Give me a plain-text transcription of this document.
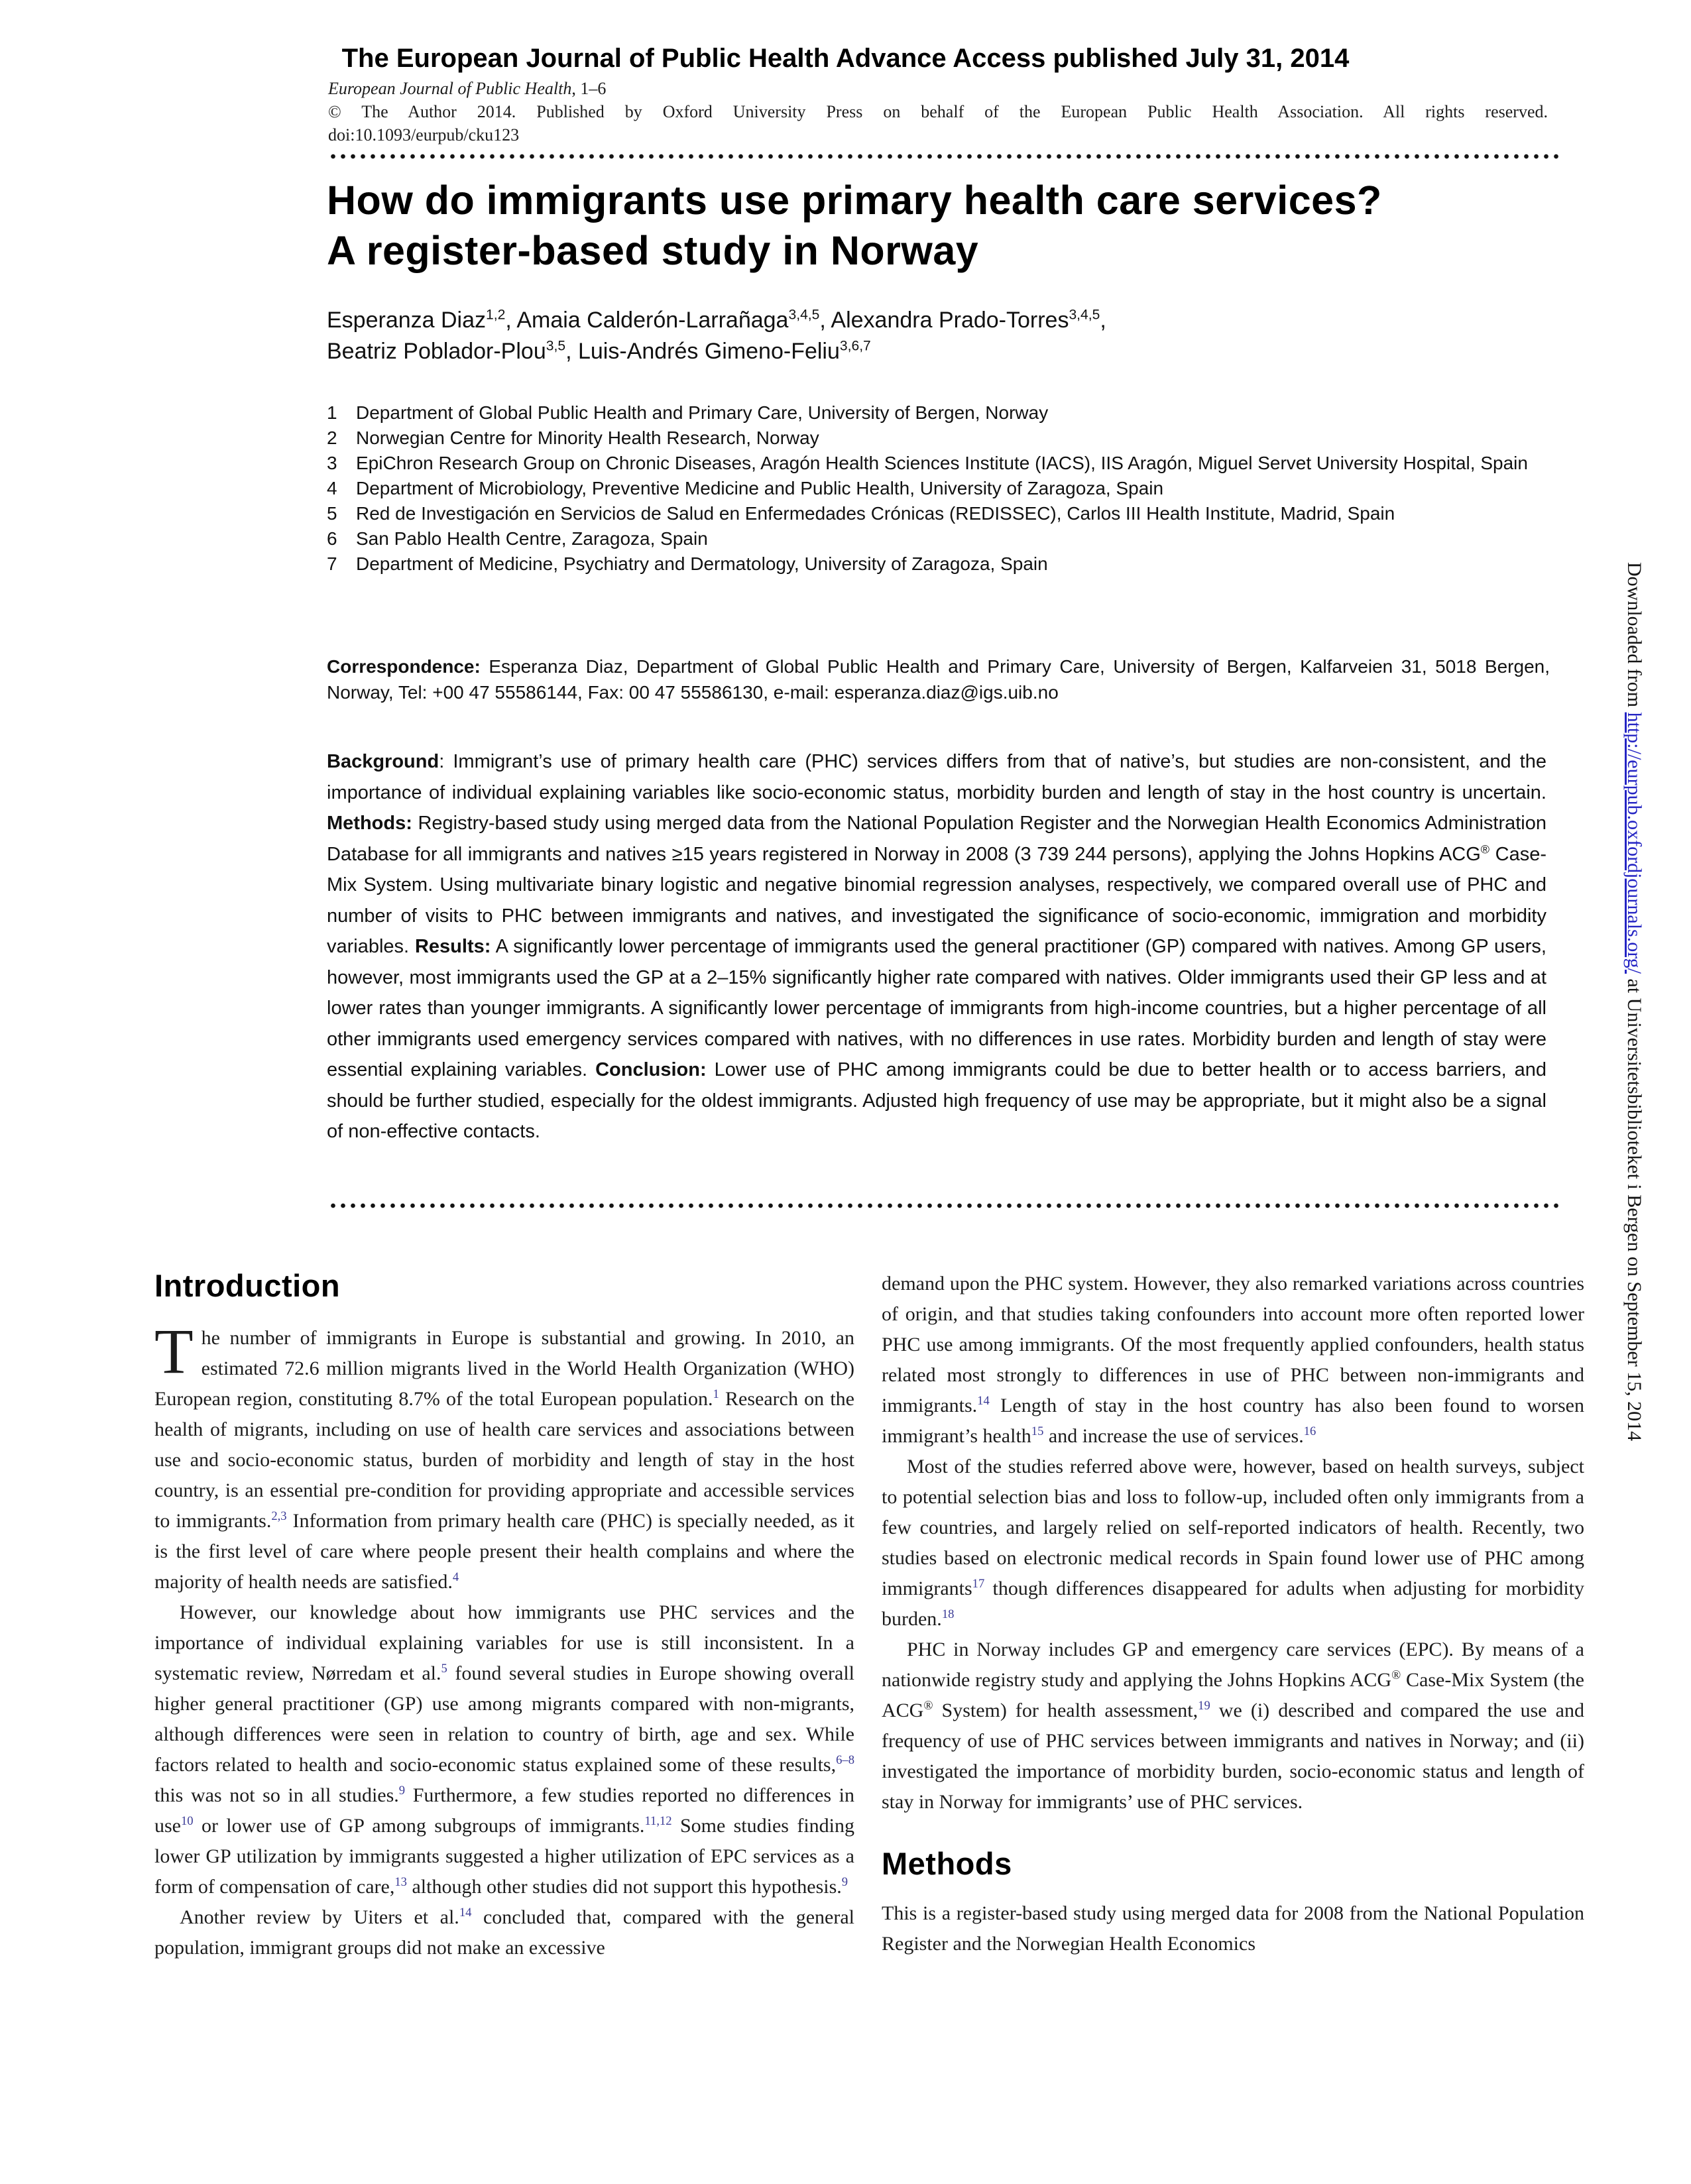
The European Journal of Public Health Advance Access published July 31, 2014
European Journal of Public Health, 1–6
© The Author 2014. Published by Oxford University Press on behalf of the European Public Health Association. All rights reserved.
doi:10.1093/eurpub/cku123
How do immigrants use primary health care services?
A register-based study in Norway
Esperanza Diaz$^{1,2}$, Amaia Calderón-Larrañaga$^{3,4,5}$, Alexandra Prado-Torres$^{3,4,5}$,
Beatriz Poblador-Plou$^{3,5}$, Luis-Andrés Gimeno-Feliu$^{3,6,7}$
1	Department of Global Public Health and Primary Care, University of Bergen, Norway
2	Norwegian Centre for Minority Health Research, Norway
3	EpiChron Research Group on Chronic Diseases, Aragón Health Sciences Institute (IACS), IIS Aragón, Miguel Servet University Hospital, Spain
4	Department of Microbiology, Preventive Medicine and Public Health, University of Zaragoza, Spain
5	Red de Investigación en Servicios de Salud en Enfermedades Crónicas (REDISSEC), Carlos III Health Institute, Madrid, Spain
6	San Pablo Health Centre, Zaragoza, Spain
7	Department of Medicine, Psychiatry and Dermatology, University of Zaragoza, Spain
Correspondence: Esperanza Diaz, Department of Global Public Health and Primary Care, University of Bergen, Kalfarveien 31, 5018 Bergen, Norway, Tel: +00 47 55586144, Fax: 00 47 55586130, e-mail: esperanza.diaz@igs.uib.no
Background: Immigrant’s use of primary health care (PHC) services differs from that of native’s, but studies are non-consistent, and the importance of individual explaining variables like socio-economic status, morbidity burden and length of stay in the host country is uncertain. Methods: Registry-based study using merged data from the National Population Register and the Norwegian Health Economics Administration Database for all immigrants and natives ≥15 years registered in Norway in 2008 (3 739 244 persons), applying the Johns Hopkins ACG® Case-Mix System. Using multivariate binary logistic and negative binomial regression analyses, respectively, we compared overall use of PHC and number of visits to PHC between immigrants and natives, and investigated the significance of socio-economic, immigration and morbidity variables. Results: A significantly lower percentage of immigrants used the general practitioner (GP) compared with natives. Among GP users, however, most immigrants used the GP at a 2–15% significantly higher rate compared with natives. Older immigrants used their GP less and at lower rates than younger immigrants. A significantly lower percentage of immigrants from high-income countries, but a higher percentage of all other immigrants used emergency services compared with natives, with no differences in use rates. Morbidity burden and length of stay were essential explaining variables. Conclusion: Lower use of PHC among immigrants could be due to better health or to access barriers, and should be further studied, especially for the oldest immigrants. Adjusted high frequency of use may be appropriate, but it might also be a signal of non-effective contacts.
Introduction

The number of immigrants in Europe is substantial and growing. In 2010, an estimated 72.6 million migrants lived in the World Health Organization (WHO) European region, constituting 8.7% of the total European population.$^1$ Research on the health of migrants, including on use of health care services and associations between use and socio-economic status, burden of morbidity and length of stay in the host country, is an essential pre-condition for providing appropriate and accessible services to immigrants.$^{2,3}$ Information from primary health care (PHC) is specially needed, as it is the first level of care where people present their health complains and where the majority of health needs are satisfied.$^4$

However, our knowledge about how immigrants use PHC services and the importance of individual explaining variables for use is still inconsistent. In a systematic review, Nørredam et al.$^5$ found several studies in Europe showing overall higher general practitioner (GP) use among migrants compared with non-migrants, although differences were seen in relation to country of birth, age and sex. While factors related to health and socio-economic status explained some of these results,$^{6-8}$ this was not so in all studies.$^9$ Furthermore, a few studies reported no differences in use$^{10}$ or lower use of GP among subgroups of immigrants.$^{11,12}$ Some studies finding lower GP utilization by immigrants suggested a higher utilization of EPC services as a form of compensation of care,$^{13}$ although other studies did not support this hypothesis.$^9$

Another review by Uiters et al.$^{14}$ concluded that, compared with the general population, immigrant groups did not make an excessive

demand upon the PHC system. However, they also remarked variations across countries of origin, and that studies taking confounders into account more often reported lower PHC use among immigrants. Of the most frequently applied confounders, health status related most strongly to differences in use of PHC between non-immigrants and immigrants.$^{14}$ Length of stay in the host country has also been found to worsen immigrant’s health$^{15}$ and increase the use of services.$^{16}$

Most of the studies referred above were, however, based on health surveys, subject to potential selection bias and loss to follow-up, included often only immigrants from a few countries, and largely relied on self-reported indicators of health. Recently, two studies based on electronic medical records in Spain found lower use of PHC among immigrants$^{17}$ though differences disappeared for adults when adjusting for morbidity burden.$^{18}$

PHC in Norway includes GP and emergency care services (EPC). By means of a nationwide registry study and applying the Johns Hopkins ACG® Case-Mix System (the ACG® System) for health assessment,$^{19}$ we (i) described and compared the use and frequency of use of PHC services between immigrants and natives in Norway; and (ii) investigated the importance of morbidity burden, socio-economic status and length of stay in Norway for immigrants’ use of PHC services.

Methods

This is a register-based study using merged data for 2008 from the National Population Register and the Norwegian Health Economics

Downloaded from http://eurpub.oxfordjournals.org/ at Universitetsbiblioteket i Bergen on September 15, 2014
